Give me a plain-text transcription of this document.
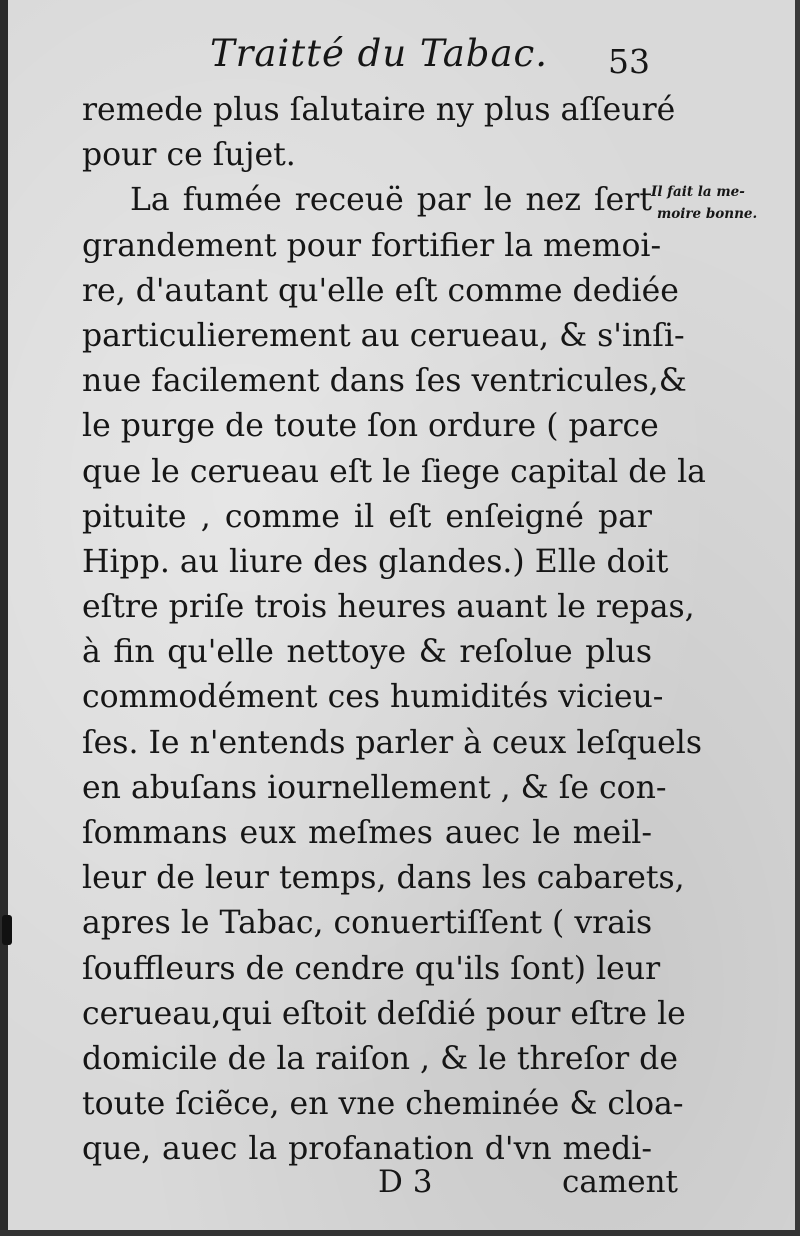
Traitté du Tabac. 53
remede plus ſalutaire ny plus aſſeuré
pour ce ſujet.
La fumée receuë par le nez ſert
grandement pour fortifier la memoi-
re, d'autant qu'elle eſt comme dediée
particulierement au cerueau, & s'inſi-
nue facilement dans ſes ventricules,&
le purge de toute ſon ordure ( parce
que le cerueau eſt le ſiege capital de la
pituite , comme il eſt enſeigné par
Hipp. au liure des glandes.) Elle doit
eſtre priſe trois heures auant le repas,
à fin qu'elle nettoye & reſolue plus
commodément ces humidités vicieu-
ſes. Ie n'entends parler à ceux leſquels
en abuſans iournellement , & ſe con-
ſommans eux meſmes auec le meil-
leur de leur temps, dans les cabarets,
apres le Tabac, conuertiſſent ( vrais
ſouffleurs de cendre qu'ils ſont) leur
cerueau,qui eſtoit deſdié pour eſtre le
domicile de la raiſon , & le threſor de
toute ſciẽce, en vne cheminée & cloa-
que, auec la profanation d'vn medi-
Il fait la me-
moire bonne.
D 3	cament
